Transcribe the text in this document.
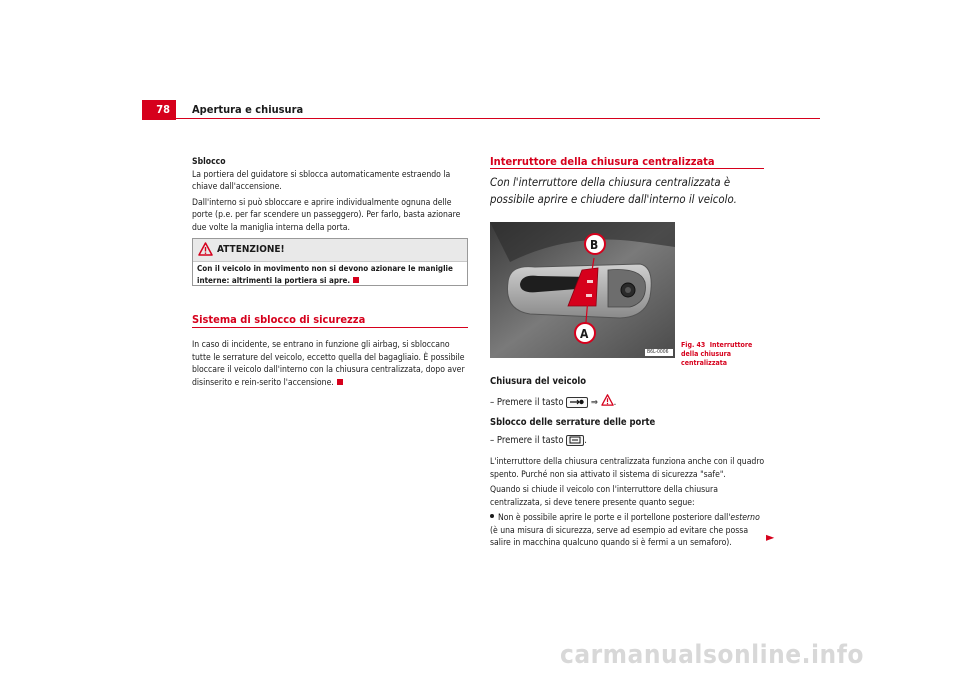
78	Apertura e chiusura

Sblocco

La portiera del guidatore si sblocca automaticamente estraendo la chiave dall'accensione.

Dall'interno si può sbloccare e aprire individualmente ognuna delle porte (p.e. per far scendere un passeggero). Per farlo, basta azionare due volte la maniglia interna della porta.

ATTENZIONE!
Con il veicolo in movimento non si devono azionare le maniglie interne: altrimenti la portiera si apre.
Sistema di sblocco di sicurezza

In caso di incidente, se entrano in funzione gli airbag, si sbloccano tutte le serrature del veicolo, eccetto quella del bagagliaio. È possibile bloccare il veicolo dall'interno con la chiusura centralizzata, dopo aver disinserito e rein-serito l'accensione.

Interruttore della chiusura centralizzata
Con l'interruttore della chiusura centralizzata è possibile aprire e chiudere dall'interno il veicolo.
B
A
B6L-0006
Fig. 43 Interruttore della chiusura centralizzata

Chiusura del veicolo

– Premere il tasto	⇒ .

Sblocco delle serrature delle porte

– Premere il tasto .

L'interruttore della chiusura centralizzata funziona anche con il quadro spento. Purché non sia attivato il sistema di sicurezza "safe".

Quando si chiude il veicolo con l'interruttore della chiusura centralizzata, si deve tenere presente quanto segue:

Non è possibile aprire le porte e il portellone posteriore dall'esterno (è una misura di sicurezza, serve ad esempio ad evitare che possa salire in macchina qualcuno quando si è fermi a un semaforo).	►
carmanualsonline.info
